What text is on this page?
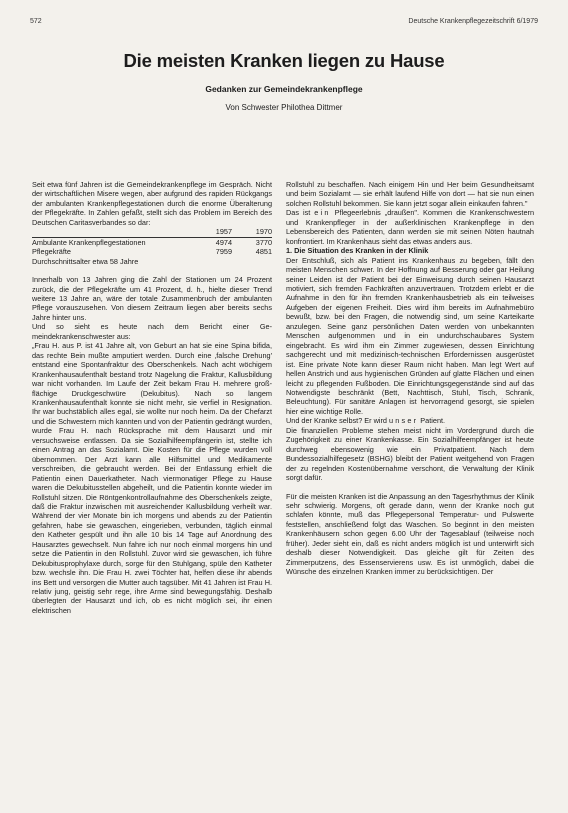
572	Deutsche Krankenpflegezeitschrift 6/1979
Die meisten Kranken liegen zu Hause
Gedanken zur Gemeindekrankenpflege
Von Schwester Philothea Dittmer

Seit etwa fünf Jahren ist die Gemeindekrankenpflege im Gespräch. Nicht der wirtschaftlichen Misere wegen, aber aufgrund des rapiden Rückgangs der ambulanten Krankenpflegestationen durch die enorme Überalterung der Pflegekräfte. In Zahlen gefaßt, stellt sich das Problem im Bereich des Deutschen Caritasverbandes so dar:

	1957	1970
Ambulante Krankenpflegestationen	4974	3770
Pflegekräfte	7959	4851
Durchschnittsalter etwa 58 Jahre		

Innerhalb von 13 Jahren ging die Zahl der Stationen um 24 Prozent zurück, die der Pflegekräfte um 41 Prozent, d. h., hielte dieser Trend weitere 13 Jahre an, wäre der totale Zusammenbruch der ambulanten Pflege vorauszusehen. Von diesem Zeitraum liegen aber bereits sechs Jahre hinter uns.

Und so sieht es heute nach dem Bericht einer Gemeindekrankenschwester aus:

„Frau H. aus P. ist 41 Jahre alt, von Geburt an hat sie eine Spina bifida, das rechte Bein mußte amputiert werden. Durch eine ‚falsche Drehung' entstand eine Spontanfraktur des Oberschenkels. Nach acht wöchigem Krankenhausaufenthalt bestand trotz Nagelung die Fraktur, Kallusbildung war nicht vorhanden. Im Laufe der Zeit bekam Frau H. mehrere großflächige Druckgeschwüre (Dekubitus). Nach so langem Krankenhausaufenthalt konnte sie nicht mehr, sie verfiel in Resignation. Ihr war buchstäblich alles egal, sie wollte nur noch heim. Da der Chefarzt und die Schwestern mich kannten und von der Patientin gedrängt wurden, wurde Frau H. nach Rücksprache mit dem Hausarzt und mir versuchsweise entlassen. Da sie Sozialhilfeempfängerin ist, stellte ich einen Antrag an das Sozialamt. Die Kosten für die Pflege wurden voll übernommen. Der Arzt kann alle Hilfsmittel und Medikamente verschreiben, die gebraucht werden. Bei der Entlassung erhielt die Patientin einen Dauerkatheter. Nach viermonatiger Pflege zu Hause waren die Dekubitusstellen abgeheilt, und die Patientin konnte wieder im Rollstuhl sitzen. Die Röntgenkontrollaufnahme des Oberschenkels zeigte, daß die Fraktur inzwischen mit ausreichender Kallusbildung verheilt war. Während der vier Monate bin ich morgens und abends zu der Patientin gefahren, habe sie gewaschen, eingerieben, verbunden, täglich einmal den Katheter gespült und ihn alle 10 bis 14 Tage auf Anordnung des Hausarztes gewechselt. Nun fahre ich nur noch einmal morgens hin und setze die Patientin in den Rollstuhl. Zuvor wird sie gewaschen, ich führe Dekubitusprophylaxe durch, sorge für den Stuhlgang, spüle den Katheter bzw. wechsle ihn. Die Frau H. zwei Töchter hat, helfen diese ihr abends ins Bett und versorgen die Mutter auch tagsüber. Mit 41 Jahren ist Frau H. relativ jung, geistig sehr rege, ihre Arme sind bewegungsfähig. Deshalb überlegten der Hausarzt und ich, ob es nicht möglich sei, ihr einen elektrischen

Rollstuhl zu beschaffen. Nach einigem Hin und Her beim Gesundheitsamt und beim Sozialamt — sie erhält laufend Hilfe von dort — hat sie nun einen solchen Rollstuhl bekommen. Sie kann jetzt sogar allein einkaufen fahren."

Das ist ein Pflegeerlebnis „draußen". Kommen die Krankenschwestern und Krankenpfleger in der außerklinischen Krankenpflege in den Lebensbereich des Patienten, dann werden sie mit seinen Nöten hautnah konfrontiert. Im Krankenhaus sieht das etwas anders aus.

1. Die Situation des Kranken in der Klinik

Der Entschluß, sich als Patient ins Krankenhaus zu begeben, fällt den meisten Menschen schwer. In der Hoffnung auf Besserung oder gar Heilung seiner Leiden ist der Patient bei der Einweisung durch seinen Hausarzt motiviert, sich fremden Fachkräften anzuvertrauen. Trotzdem erlebt er die Aufnahme in den für ihn fremden Krankenhausbetrieb als ein teilweises Aufgeben der eigenen Freiheit. Dies wird ihm bereits im Aufnahmebüro bewußt, bzw. bei den Fragen, die notwendig sind, um seine Karteikarte anzulegen. Seine ganz persönlichen Daten werden von unbekannten Menschen aufgenommen und in ein undurchschaubares System eingebracht. Es wird ihm ein Zimmer zugewiesen, dessen Einrichtung sachgerecht und mit medizinisch-technischen Erfordernissen ausgerüstet ist. Eine private Note kann dieser Raum nicht haben. Man legt Wert auf hellen Anstrich und aus hygienischen Gründen auf glatte Flächen und einen leicht zu pflegenden Fußboden. Die Einrichtungsgegenstände sind auf das Notwendigste beschränkt (Bett, Nachttisch, Stuhl, Tisch, Schrank, Beleuchtung). Für sanitäre Anlagen ist hervorragend gesorgt, sie spielen hier eine wichtige Rolle.

Und der Kranke selbst? Er wird unser Patient.

Die finanziellen Probleme stehen meist nicht im Vordergrund durch die Zugehörigkeit zu einer Krankenkasse. Ein Sozialhilfeempfänger ist heute durchweg ebensowenig wie ein Privatpatient. Nach dem Bundessozialhilfegesetz (BSHG) bleibt der Patient weitgehend von Fragen der zu regelnden Kostenübernahme verschont, die Verwaltung der Klinik sorgt dafür.

Für die meisten Kranken ist die Anpassung an den Tagesrhythmus der Klinik sehr schwierig. Morgens, oft gerade dann, wenn der Kranke noch gut schlafen könnte, muß das Pflegepersonal Temperatur- und Pulswerte feststellen, anschließend folgt das Waschen. So beginnt in den meisten Krankenhäusern schon gegen 6.00 Uhr der Tagesablauf (teilweise noch früher). Jeder sieht ein, daß es nicht anders möglich ist und unterwirft sich deshalb dieser Notwendigkeit. Das gleiche gilt für Zeiten des Zimmerputzens, des Essenservierens usw. Es ist unmöglich, dabei die Wünsche des einzelnen Kranken immer zu berücksichtigen. Der
